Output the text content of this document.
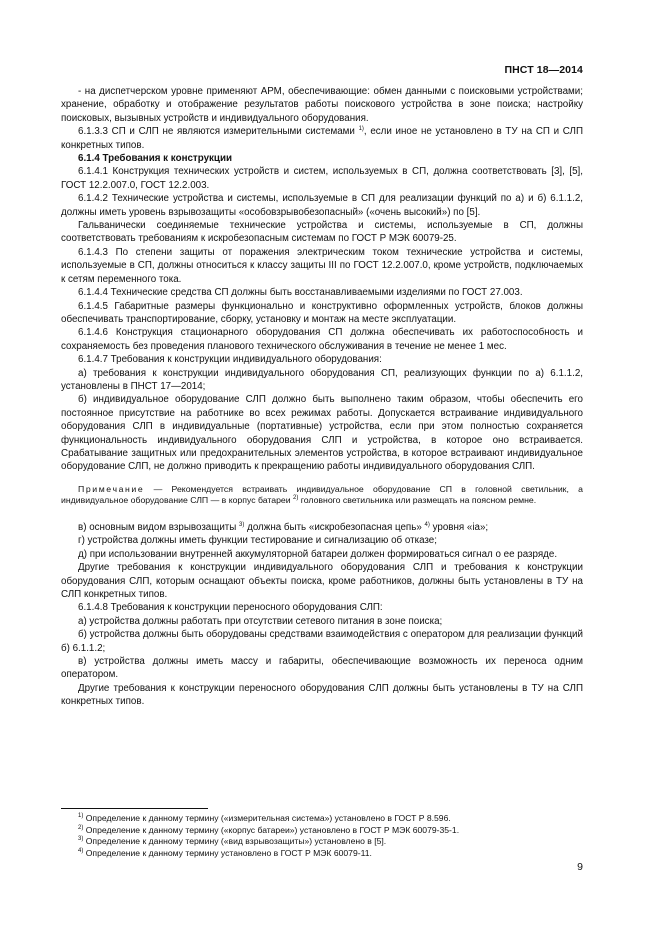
ПНСТ 18—2014

- на диспетчерском уровне применяют АРМ, обеспечивающие: обмен данными с поисковыми устройствами; хранение, обработку и отображение результатов работы поискового устройства в зоне поиска; настройку поисковых, вызывных устройств и индивидуального оборудования.

6.1.3.3 СП и СЛП не являются измерительными системами $^{1)}$, если иное не установлено в ТУ на СП и СЛП конкретных типов.

6.1.4 Требования к конструкции

6.1.4.1 Конструкция технических устройств и систем, используемых в СП, должна соответствовать [3], [5], ГОСТ 12.2.007.0, ГОСТ 12.2.003.

6.1.4.2 Технические устройства и системы, используемые в СП для реализации функций по а) и б) 6.1.1.2, должны иметь уровень взрывозащиты «особовзрывобезопасный» («очень высокий») по [5].

Гальванически соединяемые технические устройства и системы, используемые в СП, должны соответствовать требованиям к искробезопасным системам по ГОСТ Р МЭК 60079-25.

6.1.4.3 По степени защиты от поражения электрическим током технические устройства и системы, используемые в СП, должны относиться к классу защиты III по ГОСТ 12.2.007.0, кроме устройств, подключаемых к сетям переменного тока.

6.1.4.4 Технические средства СП должны быть восстанавливаемыми изделиями по ГОСТ 27.003.

6.1.4.5 Габаритные размеры функционально и конструктивно оформленных устройств, блоков должны обеспечивать транспортирование, сборку, установку и монтаж на месте эксплуатации.

6.1.4.6 Конструкция стационарного оборудования СП должна обеспечивать их работоспособность и сохраняемость без проведения планового технического обслуживания в течение не менее 1 мес.

6.1.4.7 Требования к конструкции индивидуального оборудования:

а) требования к конструкции индивидуального оборудования СП, реализующих функции по а) 6.1.1.2, установлены в ПНСТ 17—2014;

б) индивидуальное оборудование СЛП должно быть выполнено таким образом, чтобы обеспечить его постоянное присутствие на работнике во всех режимах работы. Допускается встраивание индивидуального оборудования СЛП в индивидуальные (портативные) устройства, если при этом полностью сохраняется функциональность индивидуального оборудования СЛП и устройства, в которое оно встраивается. Срабатывание защитных или предохранительных элементов устройства, в которое встраивают индивидуальное оборудование СЛП, не должно приводить к прекращению работы индивидуального оборудования СЛП.

Примечание — Рекомендуется встраивать индивидуальное оборудование СП в головной светильник, а индивидуальное оборудование СЛП — в корпус батареи $^{2)}$ головного светильника или размещать на поясном ремне.

в) основным видом взрывозащиты $^{3)}$ должна быть «искробезопасная цепь» $^{4)}$ уровня «ia»;

г) устройства должны иметь функции тестирование и сигнализацию об отказе;

д) при использовании внутренней аккумуляторной батареи должен формироваться сигнал о ее разряде.

Другие требования к конструкции индивидуального оборудования СЛП и требования к конструкции оборудования СЛП, которым оснащают объекты поиска, кроме работников, должны быть установлены в ТУ на СЛП конкретных типов.

6.1.4.8 Требования к конструкции переносного оборудования СЛП:

а) устройства должны работать при отсутствии сетевого питания в зоне поиска;

б) устройства должны быть оборудованы средствами взаимодействия с оператором для реализации функций б) 6.1.1.2;

в) устройства должны иметь массу и габариты, обеспечивающие возможность их переноса одним оператором.

Другие требования к конструкции переносного оборудования СЛП должны быть установлены в ТУ на СЛП конкретных типов.

$^{1)}$ Определение к данному термину («измерительная система») установлено в ГОСТ Р 8.596.

$^{2)}$ Определение к данному термину («корпус батареи») установлено в ГОСТ Р МЭК 60079-35-1.

$^{3)}$ Определение к данному термину («вид взрывозащиты») установлено в [5].

$^{4)}$ Определение к данному термину установлено в ГОСТ Р МЭК 60079-11.

9
